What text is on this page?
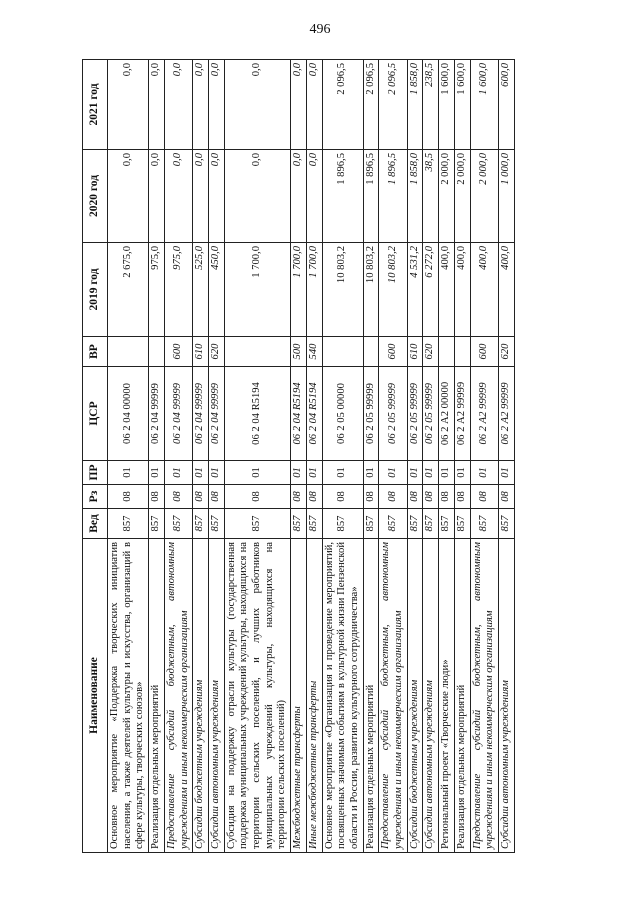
496
Наименование	Вед	Рз	ПР	ЦСР	ВР	2019 год	2020 год	2021 год
Основное мероприятие «Поддержка творческих инициатив населения, а также деятелей культуры и искусства, организаций в сфере культуры, творческих союзов»	857	08	01	06 2 04 00000		2 675,0	0,0	0,0
Реализация отдельных мероприятий	857	08	01	06 2 04 99999		975,0	0,0	0,0
Предоставление субсидий бюджетным, автономным учреждениям и иным некоммерческим организациям	857	08	01	06 2 04 99999	600	975,0	0,0	0,0
Субсидии бюджетным учреждениям	857	08	01	06 2 04 99999	610	525,0	0,0	0,0
Субсидии автономным учреждениям	857	08	01	06 2 04 99999	620	450,0	0,0	0,0
Субсидия на поддержку отрасли культуры (государственная поддержка муниципальных учреждений культуры, находящихся на территории сельских поселений, и лучших работников муниципальных учреждений культуры, находящихся на территории сельских поселений)	857	08	01	06 2 04 R5194		1 700,0	0,0	0,0
Межбюджетные трансферты	857	08	01	06 2 04 R5194	500	1 700,0	0,0	0,0
Иные межбюджетные трансферты	857	08	01	06 2 04 R5194	540	1 700,0	0,0	0,0
Основное мероприятие «Организация и проведение мероприятий, посвященных значимым событиям в культурной жизни Пензенской области и России, развитию культурного сотрудничества»	857	08	01	06 2 05 00000		10 803,2	1 896,5	2 096,5
Реализация отдельных мероприятий	857	08	01	06 2 05 99999		10 803,2	1 896,5	2 096,5
Предоставление субсидий бюджетным, автономным учреждениям и иным некоммерческим организациям	857	08	01	06 2 05 99999	600	10 803,2	1 896,5	2 096,5
Субсидии бюджетным учреждениям	857	08	01	06 2 05 99999	610	4 531,2	1 858,0	1 858,0
Субсидии автономным учреждениям	857	08	01	06 2 05 99999	620	6 272,0	38,5	238,5
Региональный проект «Творческие люди»	857	08	01	06 2 А2 00000		400,0	2 000,0	1 600,0
Реализация отдельных мероприятий	857	08	01	06 2 А2 99999		400,0	2 000,0	1 600,0
Предоставление субсидий бюджетным, автономным учреждениям и иным некоммерческим организациям	857	08	01	06 2 А2 99999	600	400,0	2 000,0	1 600,0
Субсидии автономным учреждениям	857	08	01	06 2 А2 99999	620	400,0	1 000,0	600,0
